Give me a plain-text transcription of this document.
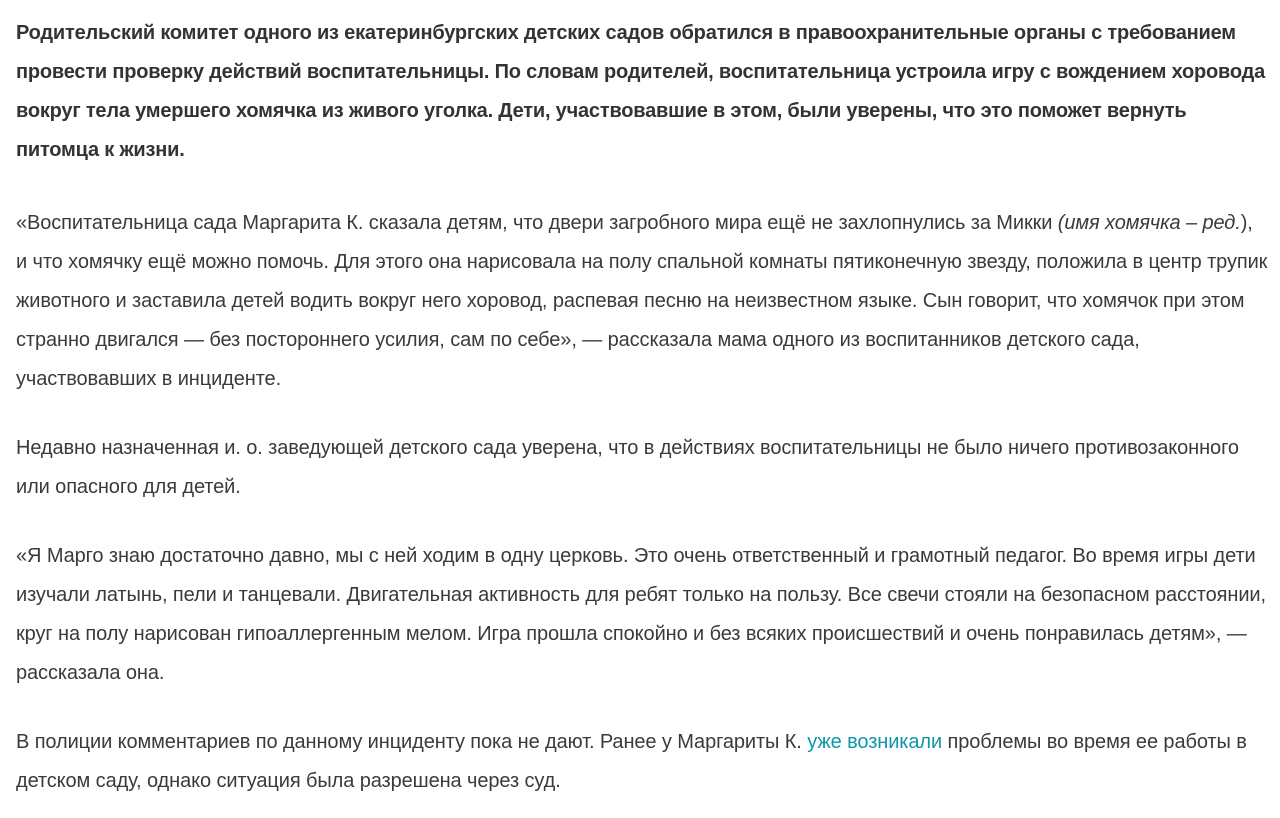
Родительский комитет одного из екатеринбургских детских садов обратился в правоохранительные органы с требованием провести проверку действий воспитательницы. По словам родителей, воспитательница устроила игру с вождением хоровода вокруг тела умершего хомячка из живого уголка. Дети, участвовавшие в этом, были уверены, что это поможет вернуть питомца к жизни.

«Воспитательница сада Маргарита К. сказала детям, что двери загробного мира ещё не захлопнулись за Микки (имя хомячка – ред.), и что хомячку ещё можно помочь. Для этого она нарисовала на полу спальной комнаты пятиконечную звезду, положила в центр трупик животного и заставила детей водить вокруг него хоровод, распевая песню на неизвестном языке. Сын говорит, что хомячок при этом странно двигался — без постороннего усилия, сам по себе», — рассказала мама одного из воспитанников детского сада, участвовавших в инциденте.

Недавно назначенная и. о. заведующей детского сада уверена, что в действиях воспитательницы не было ничего противозаконного или опасного для детей.

«Я Марго знаю достаточно давно, мы с ней ходим в одну церковь. Это очень ответственный и грамотный педагог. Во время игры дети изучали латынь, пели и танцевали. Двигательная активность для ребят только на пользу. Все свечи стояли на безопасном расстоянии, круг на полу нарисован гипоаллергенным мелом. Игра прошла спокойно и без всяких происшествий и очень понравилась детям», — рассказала она.

В полиции комментариев по данному инциденту пока не дают. Ранее у Маргариты К. уже возникали проблемы во время ее работы в детском саду, однако ситуация была разрешена через суд.
